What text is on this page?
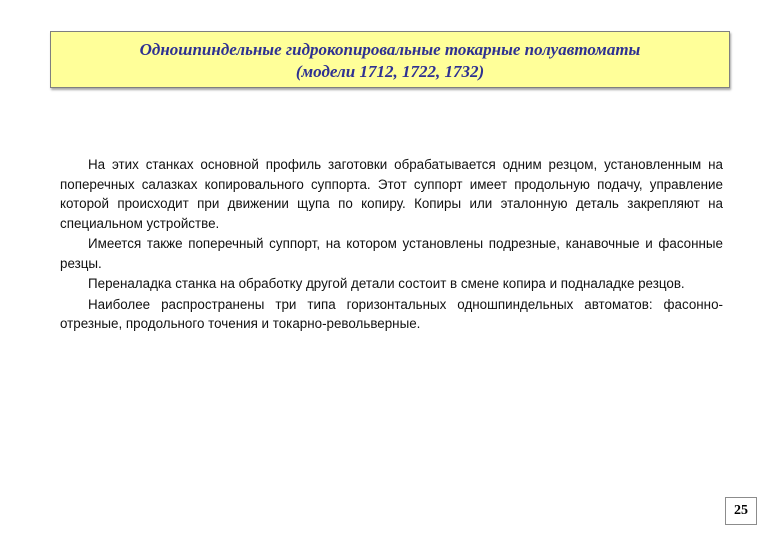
Одношпиндельные гидрокопировальные токарные полуавтоматы
(модели 1712, 1722, 1732)

На этих станках основной профиль заготовки обрабатывается одним резцом, установленным на поперечных салазках копировального суппорта. Этот суппорт имеет продольную подачу, управление которой происходит при движении щупа по копиру. Копиры или эталонную деталь закрепляют на специальном устройстве.

Имеется также поперечный суппорт, на котором установлены подрезные, канавочные и фасонные резцы.

Переналадка станка на обработку другой детали состоит в смене копира и подналадке резцов.

Наиболее распространены три типа горизонтальных одношпиндельных автоматов: фасонно-отрезные, продольного точения и токарно-револьверные.

25
